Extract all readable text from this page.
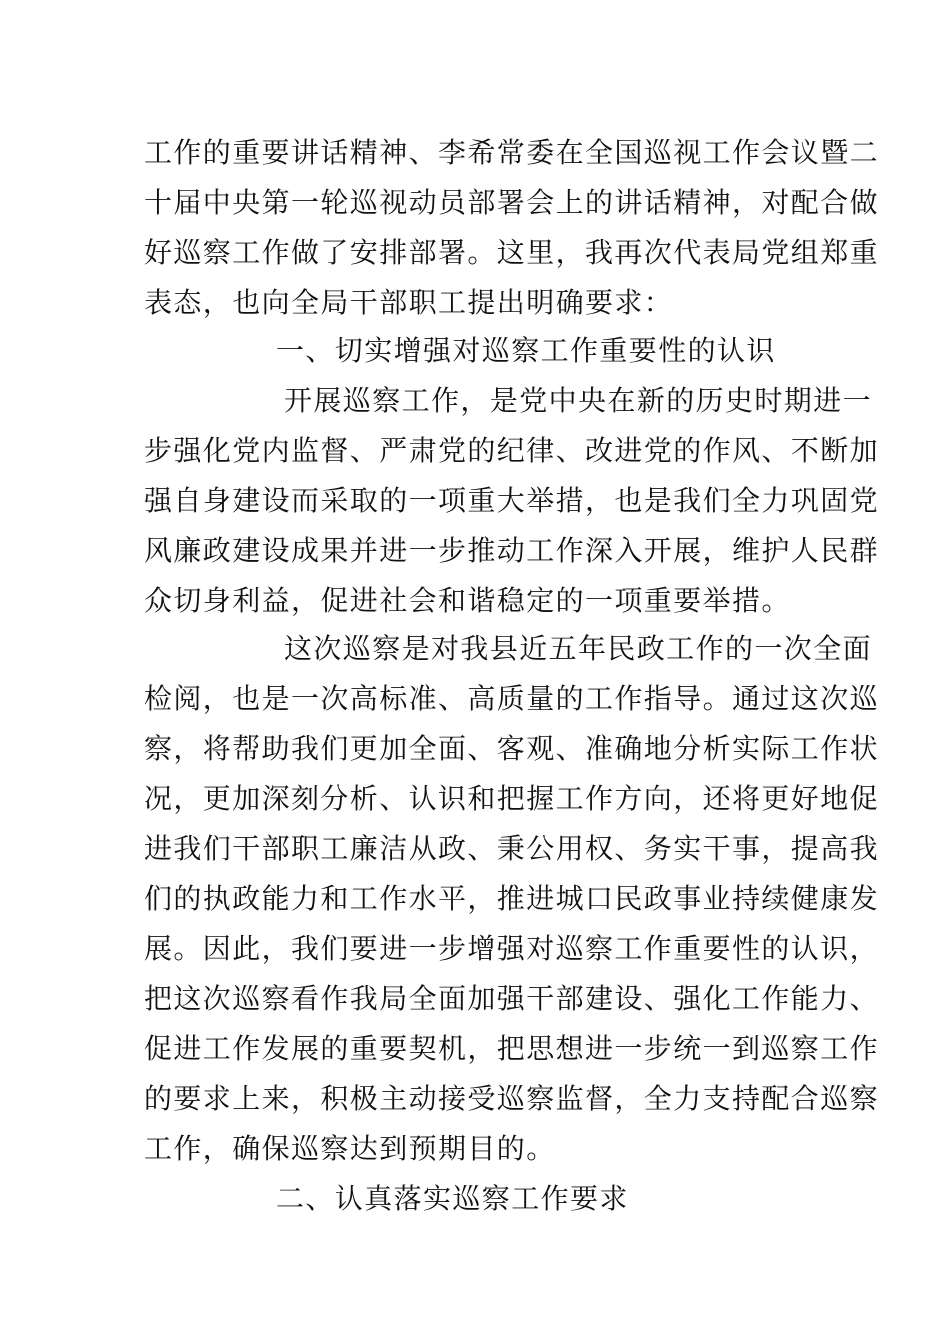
工作的重要讲话精神、李希常委在全国巡视工作会议暨二
十届中央第一轮巡视动员部署会上的讲话精神，对配合做
好巡察工作做了安排部署。这里，我再次代表局党组郑重
表态，也向全局干部职工提出明确要求：
一、切实增强对巡察工作重要性的认识
开展巡察工作，是党中央在新的历史时期进一
步强化党内监督、严肃党的纪律、改进党的作风、不断加
强自身建设而采取的一项重大举措，也是我们全力巩固党
风廉政建设成果并进一步推动工作深入开展，维护人民群
众切身利益，促进社会和谐稳定的一项重要举措。
这次巡察是对我县近五年民政工作的一次全面
检阅，也是一次高标准、高质量的工作指导。通过这次巡
察，将帮助我们更加全面、客观、准确地分析实际工作状
况，更加深刻分析、认识和把握工作方向，还将更好地促
进我们干部职工廉洁从政、秉公用权、务实干事，提高我
们的执政能力和工作水平，推进城口民政事业持续健康发
展。因此，我们要进一步增强对巡察工作重要性的认识，
把这次巡察看作我局全面加强干部建设、强化工作能力、
促进工作发展的重要契机，把思想进一步统一到巡察工作
的要求上来，积极主动接受巡察监督，全力支持配合巡察
工作，确保巡察达到预期目的。
二、认真落实巡察工作要求
